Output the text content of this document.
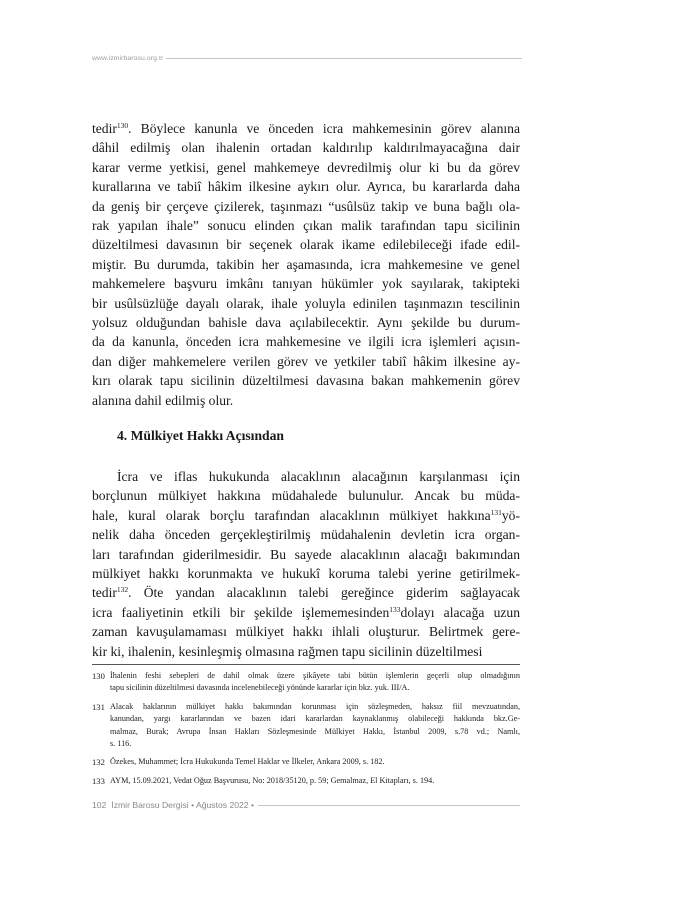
www.izmirbarosu.org.tr
tedir$^{130}$. Böylece kanunla ve önceden icra mahkemesinin görev alanına
dâhil edilmiş olan ihalenin ortadan kaldırılıp kaldırılmayacağına dair
karar verme yetkisi, genel mahkemeye devredilmiş olur ki bu da görev
kurallarına ve tabiî hâkim ilkesine aykırı olur. Ayrıca, bu kararlarda daha
da geniş bir çerçeve çizilerek, taşınmazı “usûlsüz takip ve buna bağlı ola-
rak yapılan ihale” sonucu elinden çıkan malik tarafından tapu sicilinin
düzeltilmesi davasının bir seçenek olarak ikame edilebileceği ifade edil-
miştir. Bu durumda, takibin her aşamasında, icra mahkemesine ve genel
mahkemelere başvuru imkânı tanıyan hükümler yok sayılarak, takipteki
bir usûlsüzlüğe dayalı olarak, ihale yoluyla edinilen taşınmazın tescilinin
yolsuz olduğundan bahisle dava açılabilecektir. Aynı şekilde bu durum-
da da kanunla, önceden icra mahkemesine ve ilgili icra işlemleri açısın-
dan diğer mahkemelere verilen görev ve yetkiler tabiî hâkim ilkesine ay-
kırı olarak tapu sicilinin düzeltilmesi davasına bakan mahkemenin görev
alanına dahil edilmiş olur.
4. Mülkiyet Hakkı Açısından
İcra ve iflas hukukunda alacaklının alacağının karşılanması için
borçlunun mülkiyet hakkına müdahalede bulunulur. Ancak bu müda-
hale, kural olarak borçlu tarafından alacaklının mülkiyet hakkına$^{131}$yö-
nelik daha önceden gerçekleştirilmiş müdahalenin devletin icra organ-
ları tarafından giderilmesidir. Bu sayede alacaklının alacağı bakımından
mülkiyet hakkı korunmakta ve hukukî koruma talebi yerine getirilmek-
tedir$^{132}$. Öte yandan alacaklının talebi gereğince giderim sağlayacak
icra faaliyetinin etkili bir şekilde işlememesinden$^{133}$dolayı alacağa uzun
zaman kavuşulamaması mülkiyet hakkı ihlali oluşturur. Belirtmek gere-
kir ki, ihalenin, kesinleşmiş olmasına rağmen tapu sicilinin düzeltilmesi
130 İhalenin feshi sebepleri de dahil olmak üzere şikâyete tabi bütün işlemlerin geçerli olup olmadığının
tapu sicilinin düzeltilmesi davasında incelenebileceği yönünde kararlar için bkz. yuk. III/A.
131 Alacak haklarının mülkiyet hakkı bakımından korunması için sözleşmeden, haksız fiil mevzuatından,
kanundan, yargı kararlarından ve bazen idari kararlardan kaynaklanmış olabileceği hakkında bkz.Ge-
malmaz, Burak; Avrupa İnsan Hakları Sözleşmesinde Mülkiyet Hakkı, İstanbul 2009, s.78 vd.; Namlı,
s. 116.
132 Özekes, Muhammet; İcra Hukukunda Temel Haklar ve İlkeler, Ankara 2009, s. 182.
133 AYM, 15.09.2021, Vedat Oğuz Başvurusu, No: 2018/35120, p. 59; Gemalmaz, El Kitapları, s. 194.
102 İzmir Barosu Dergisi • Ağustos 2022 •
